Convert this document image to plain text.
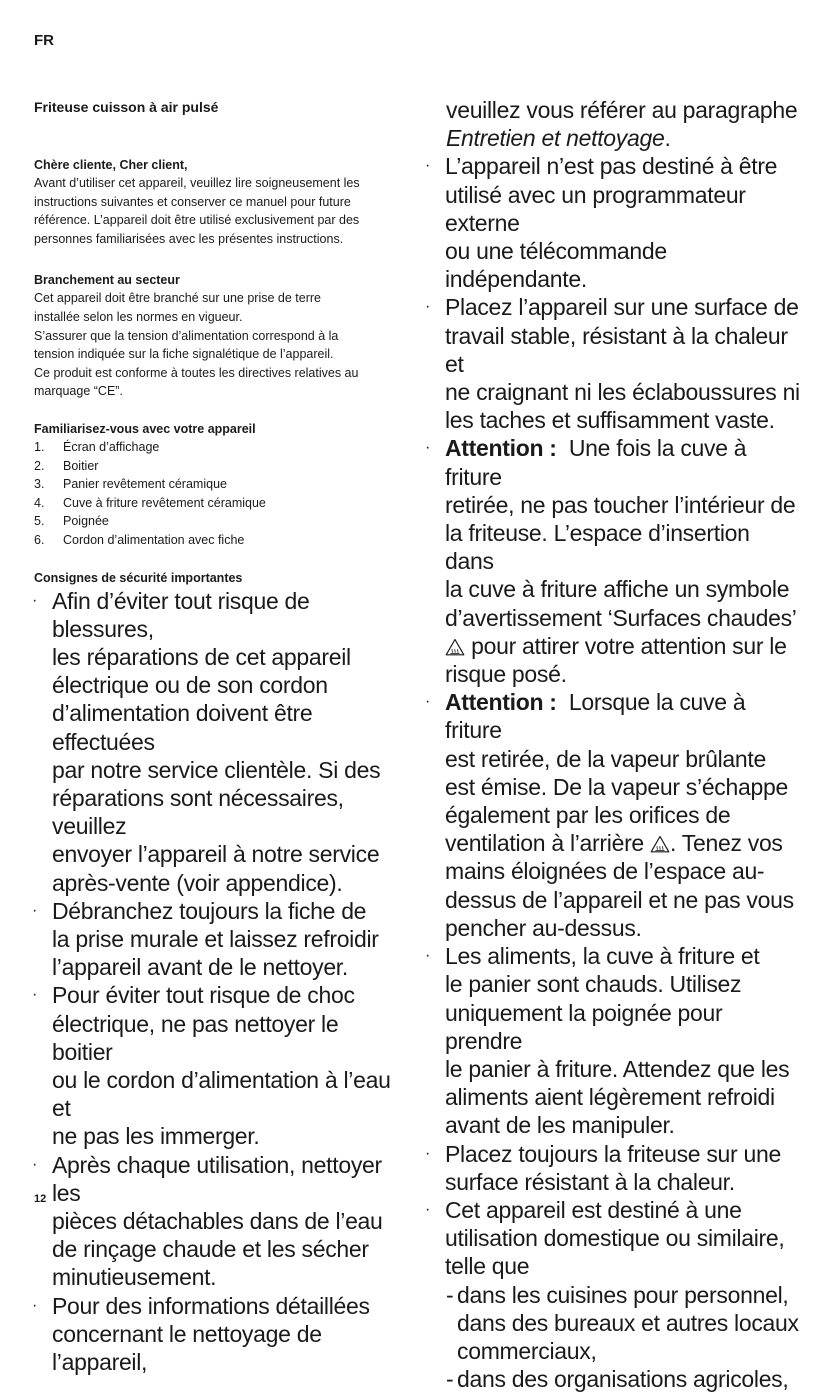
FR
Friteuse cuisson à air pulsé

Chère cliente, Cher client,

Avant d’utiliser cet appareil, veuillez lire soigneusement les
instructions suivantes et conserver ce manuel pour future
référence. L’appareil doit être utilisé exclusivement par des
personnes familiarisées avec les présentes instructions.

Branchement au secteur

Cet appareil doit être branché sur une prise de terre
installée selon les normes en vigueur.
S’assurer que la tension d’alimentation correspond à la
tension indiquée sur la fiche signalétique de l’appareil.
Ce produit est conforme à toutes les directives relatives au
marquage “CE”.

Familiarisez-vous avec votre appareil

1.	Écran d’affichage
2.	Boitier
3.	Panier revêtement céramique
4.	Cuve à friture revêtement céramique
5.	Poignée
6.	Cordon d’alimentation avec fiche

Consignes de sécurité importantes

· Afin d’éviter tout risque de blessures,
les réparations de cet appareil
électrique ou de son cordon
d’alimentation doivent être effectuées
par notre service clientèle. Si des
réparations sont nécessaires, veuillez
envoyer l’appareil à notre service
après-vente (voir appendice).
· Débranchez toujours la fiche de
la prise murale et laissez refroidir
l’appareil avant de le nettoyer.
· Pour éviter tout risque de choc
électrique, ne pas nettoyer le boitier
ou le cordon d’alimentation à l’eau et
ne pas les immerger.
· Après chaque utilisation, nettoyer les
pièces détachables dans de l’eau
de rinçage chaude et les sécher
minutieusement.
· Pour des informations détaillées
concernant le nettoyage de l’appareil,
veuillez vous référer au paragraphe
Entretien et nettoyage.
· L’appareil n’est pas destiné à être
utilisé avec un programmateur externe
ou une télécommande indépendante.
· Placez l’appareil sur une surface de
travail stable, résistant à la chaleur et
ne craignant ni les éclaboussures ni
les taches et suffisamment vaste.
· Attention : Une fois la cuve à friture
retirée, ne pas toucher l’intérieur de
la friteuse. L’espace d’insertion dans
la cuve à friture affiche un symbole
d’avertissement ‘Surfaces chaudes’
pour attirer votre attention sur le
risque posé.
· Attention : Lorsque la cuve à friture
est retirée, de la vapeur brûlante
est émise. De la vapeur s’échappe
également par les orifices de
ventilation à l’arrière . Tenez vos
mains éloignées de l’espace au-
dessus de l’appareil et ne pas vous
pencher au-dessus.
· Les aliments, la cuve à friture et
le panier sont chauds. Utilisez
uniquement la poignée pour prendre
le panier à friture. Attendez que les
aliments aient légèrement refroidi
avant de les manipuler.
· Placez toujours la friteuse sur une
surface résistant à la chaleur.
· Cet appareil est destiné à une
utilisation domestique ou similaire,
telle que
- dans les cuisines pour personnel,
dans des bureaux et autres locaux
commerciaux,
- dans des organisations agricoles,
12
